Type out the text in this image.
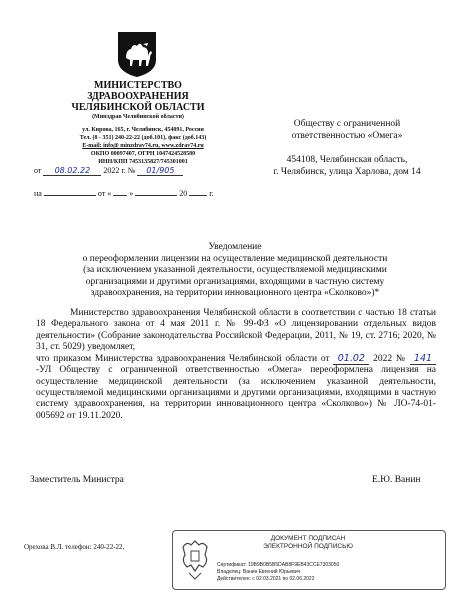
МИНИСТЕРСТВО
ЗДРАВООХРАНЕНИЯ
ЧЕЛЯБИНСКОЙ ОБЛАСТИ
(Минздрав Челябинской области)
ул. Кирова, 165, г. Челябинск, 454091, Россия
Тел. (8 - 351) 240-22-22 (доб.101), факс (доб.143)
E-mail: info@ minzdrav74.ru, www.zdrav74.ru
ОКПО 00097407, ОГРН 1047424528580
ИНН/КПП 7453135827/745301001
от 08.02.22 2022 г. № 01/905
на	от « »	20	г.
Обществу с ограниченной
ответственностью «Омега»
454108, Челябинская область,
г. Челябинск, улица Харлова, дом 14
Уведомление
о переоформлении лицензии на осуществление медицинской деятельности
(за исключением указанной деятельности, осуществляемой медицинскими
организациями и другими организациями, входящими в частную систему
здравоохранения, на территории инновационного центра «Сколково»)*

Министерство здравоохранения Челябинской области в соответствии с частью 18 статьи 18 Федерального закона от 4 мая 2011 г. № 99-ФЗ «О лицензировании отдельных видов деятельности» (Собрание законодательства Российской Федерации, 2011, № 19, ст. 2716; 2020, № 31, ст. 5029) уведомляет,

что приказом Министерства здравоохранения Челябинской области от 01.02 2022 № 141-УЛ Обществу с ограниченной ответственностью «Омега» переоформлена лицензия на осуществление медицинской деятельности (за исключением указанной деятельности, осуществляемой медицинскими организациями и другими организациями, входящими в частную систему здравоохранения, на территории инновационного центра «Сколково») № ЛО-74-01-005692 от 19.11.2020.

Заместитель Министра	Е.Ю. Ванин
Орехова В.Л. телефон: 240-22-22,
ДОКУМЕНТ ПОДПИСАН
ЭЛЕКТРОННОЙ ПОДПИСЬЮ
Сертификат: 19В9В0В5В5DАВ8F9ЕВ43ССЕ7303050
Владелец: Ванин Евгений Юрьевич
Действителен: с 02.03.2021 по 02.06.2022
